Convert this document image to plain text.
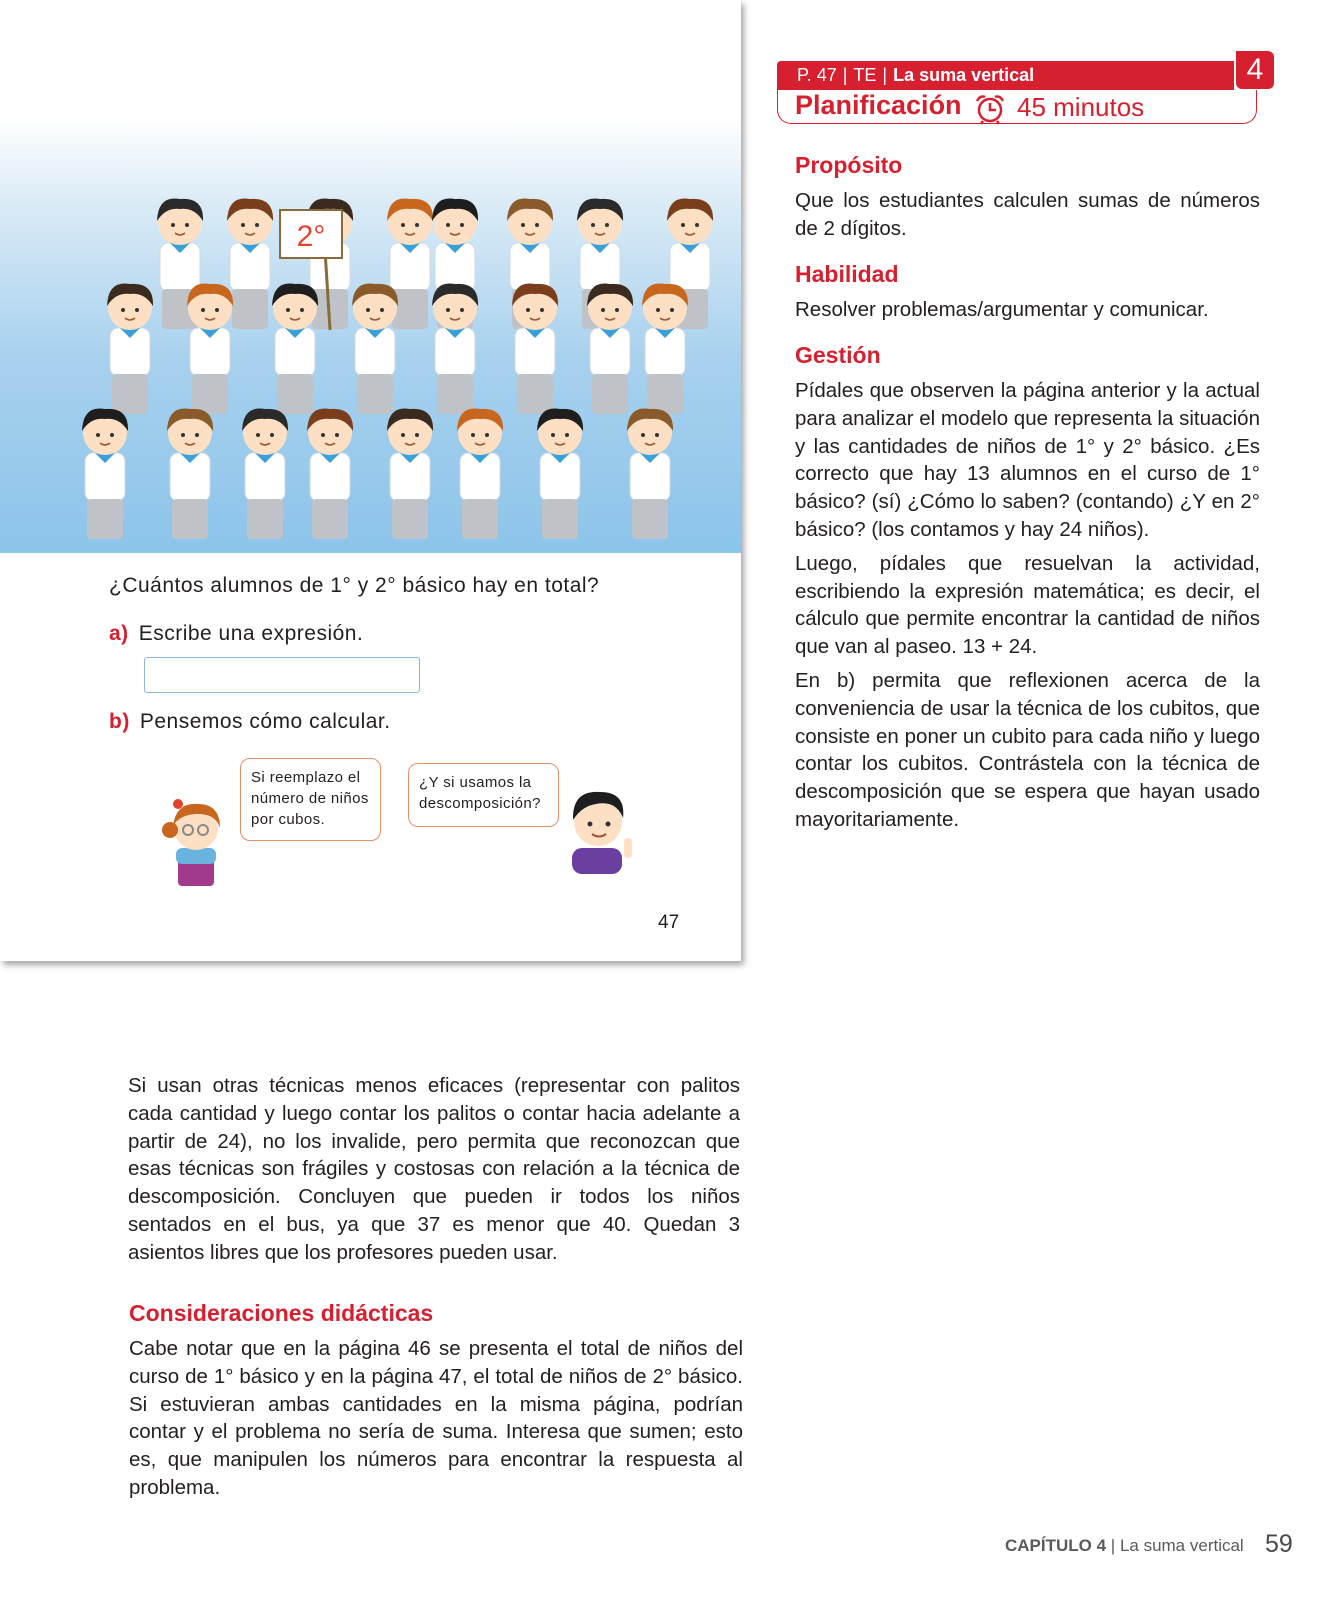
2°
¿Cuántos alumnos de 1° y 2° básico hay en total?
a) Escribe una expresión.
b) Pensemos cómo calcular.
Si reemplazo el número de niños por cubos.
¿Y si usamos la descomposición?
47
P. 47 | TE | La suma vertical	4
Planificación 45 minutos
Propósito
Que los estudiantes calculen sumas de números de 2 dígitos.
Habilidad
Resolver problemas/argumentar y comunicar.
Gestión

Pídales que observen la página anterior y la actual para analizar el modelo que representa la situación y las cantidades de niños de 1° y 2° básico. ¿Es correcto que hay 13 alumnos en el curso de 1° básico? (sí) ¿Cómo lo saben? (contando) ¿Y en 2° básico? (los contamos y hay 24 niños).

Luego, pídales que resuelvan la actividad, escribiendo la expresión matemática; es decir, el cálculo que permite encontrar la cantidad de niños que van al paseo. 13 + 24.

En b) permita que reflexionen acerca de la conveniencia de usar la técnica de los cubitos, que consiste en poner un cubito para cada niño y luego contar los cubitos. Contrástela con la técnica de descomposición que se espera que hayan usado mayoritariamente.

Si usan otras técnicas menos eficaces (representar con palitos cada cantidad y luego contar los palitos o contar hacia adelante a partir de 24), no los invalide, pero permita que reconozcan que esas técnicas son frágiles y costosas con relación a la técnica de descomposición. Concluyen que pueden ir todos los niños sentados en el bus, ya que 37 es menor que 40. Quedan 3 asientos libres que los profesores pueden usar.
Consideraciones didácticas
Cabe notar que en la página 46 se presenta el total de niños del curso de 1° básico y en la página 47, el total de niños de 2° básico. Si estuvieran ambas cantidades en la misma página, podrían contar y el problema no sería de suma. Interesa que sumen; esto es, que manipulen los números para encontrar la respuesta al problema.
CAPÍTULO 4 | La suma vertical 59
